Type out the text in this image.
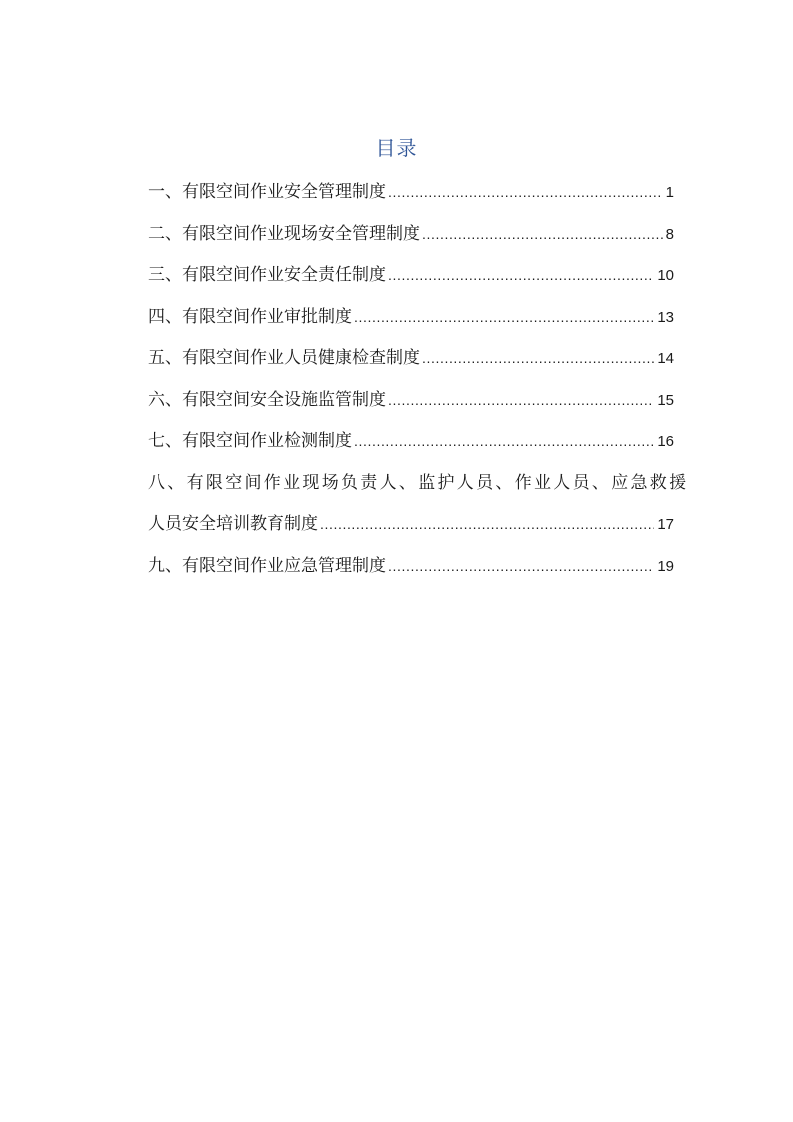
目录
一、有限空间作业安全管理制度 .....	1
二、有限空间作业现场安全管理制度 .....	8
三、有限空间作业安全责任制度 .....	10
四、有限空间作业审批制度 .....	13
五、有限空间作业人员健康检查制度 .....	14
六、有限空间安全设施监管制度 .....	15
七、有限空间作业检测制度 .....	16
八、有限空间作业现场负责人、监护人员、作业人员、应急救援
人员安全培训教育制度 .....	17
九、有限空间作业应急管理制度 .....	19
